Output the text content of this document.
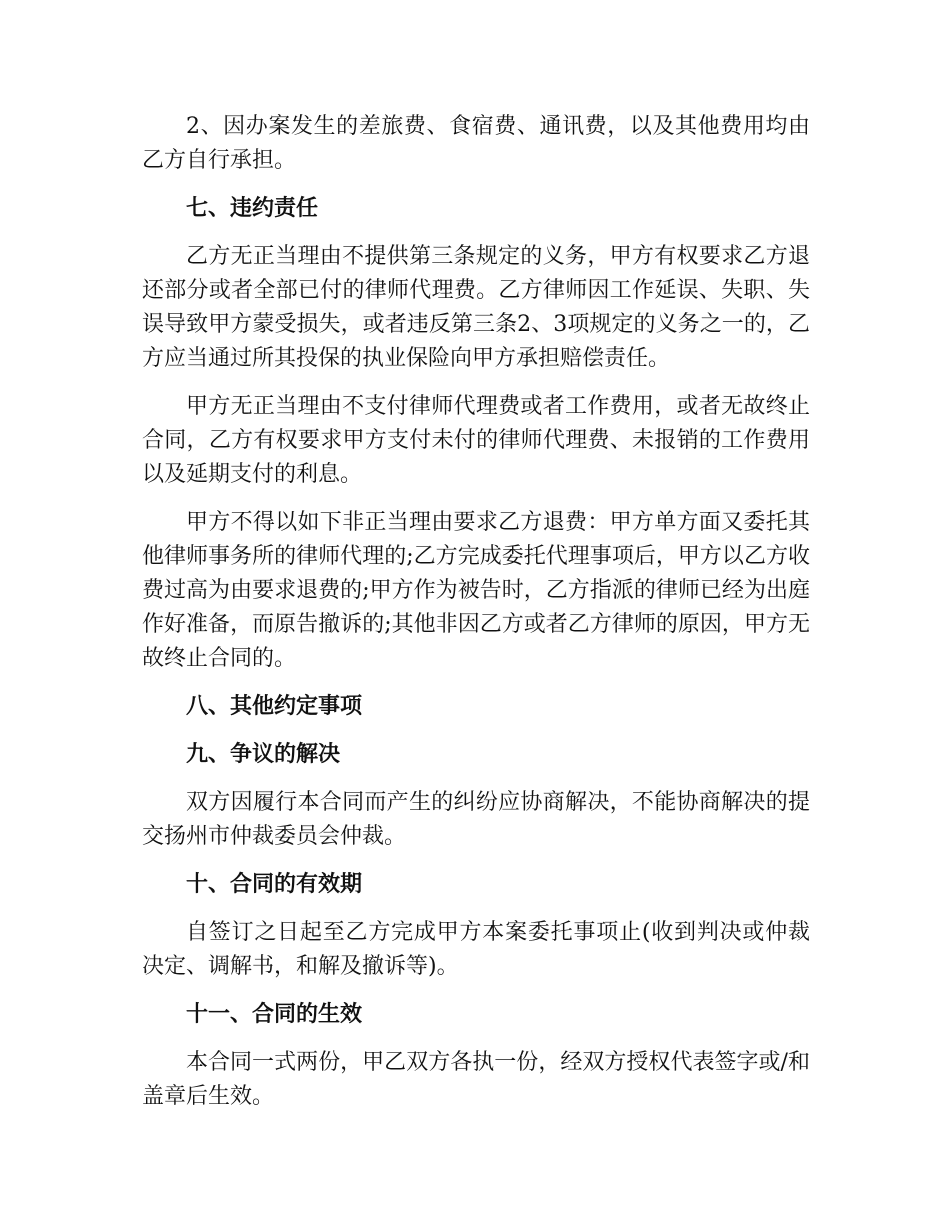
2、因办案发生的差旅费、食宿费、通讯费，以及其他费用均由乙方自行承担。

七、违约责任

乙方无正当理由不提供第三条规定的义务，甲方有权要求乙方退还部分或者全部已付的律师代理费。乙方律师因工作延误、失职、失误导致甲方蒙受损失，或者违反第三条2、3项规定的义务之一的，乙方应当通过所其投保的执业保险向甲方承担赔偿责任。

甲方无正当理由不支付律师代理费或者工作费用，或者无故终止合同，乙方有权要求甲方支付未付的律师代理费、未报销的工作费用以及延期支付的利息。

甲方不得以如下非正当理由要求乙方退费：甲方单方面又委托其他律师事务所的律师代理的;乙方完成委托代理事项后，甲方以乙方收费过高为由要求退费的;甲方作为被告时，乙方指派的律师已经为出庭作好准备，而原告撤诉的;其他非因乙方或者乙方律师的原因，甲方无故终止合同的。

八、其他约定事项

九、争议的解决

双方因履行本合同而产生的纠纷应协商解决，不能协商解决的提交扬州市仲裁委员会仲裁。

十、合同的有效期

自签订之日起至乙方完成甲方本案委托事项止(收到判决或仲裁决定、调解书，和解及撤诉等)。

十一、合同的生效

本合同一式两份，甲乙双方各执一份，经双方授权代表签字或/和盖章后生效。
